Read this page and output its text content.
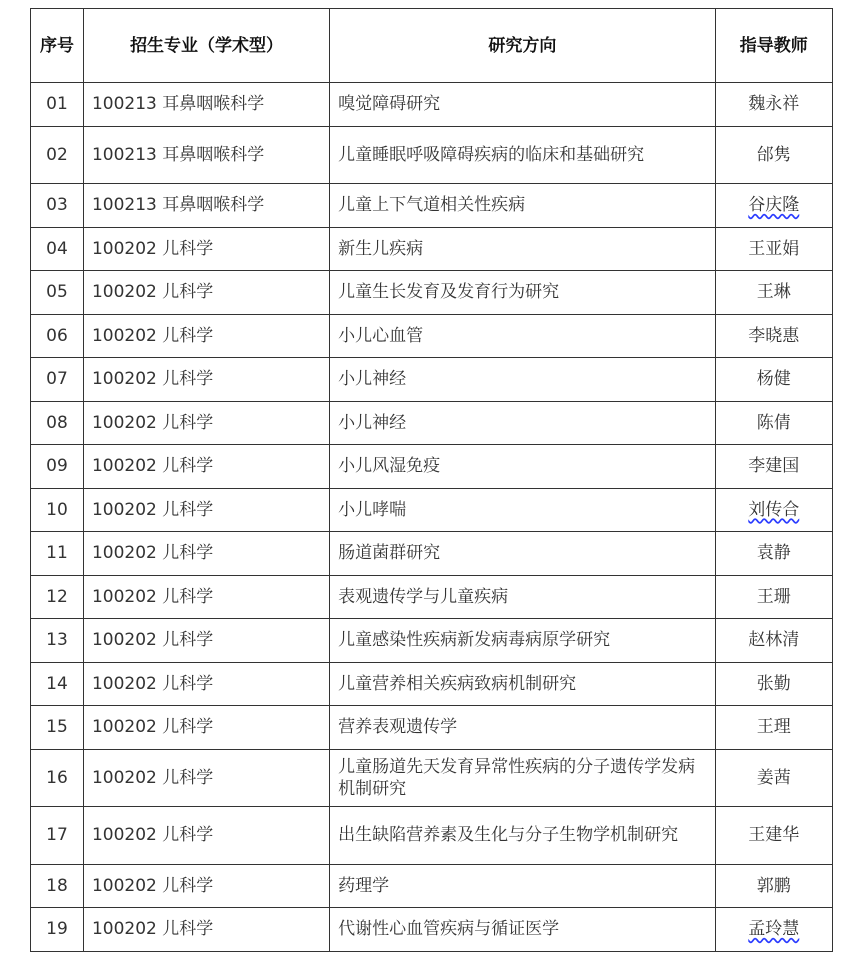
序号	招生专业（学术型）	研究方向	指导教师
01	100213 耳鼻咽喉科学	嗅觉障碍研究	魏永祥
02	100213 耳鼻咽喉科学	儿童睡眠呼吸障碍疾病的临床和基础研究	邰隽
03	100213 耳鼻咽喉科学	儿童上下气道相关性疾病	谷庆隆
04	100202 儿科学	新生儿疾病	王亚娟
05	100202 儿科学	儿童生长发育及发育行为研究	王琳
06	100202 儿科学	小儿心血管	李晓惠
07	100202 儿科学	小儿神经	杨健
08	100202 儿科学	小儿神经	陈倩
09	100202 儿科学	小儿风湿免疫	李建国
10	100202 儿科学	小儿哮喘	刘传合
11	100202 儿科学	肠道菌群研究	袁静
12	100202 儿科学	表观遗传学与儿童疾病	王珊
13	100202 儿科学	儿童感染性疾病新发病毒病原学研究	赵林清
14	100202 儿科学	儿童营养相关疾病致病机制研究	张勤
15	100202 儿科学	营养表观遗传学	王理
16	100202 儿科学	儿童肠道先天发育异常性疾病的分子遗传学发病机制研究	姜茜
17	100202 儿科学	出生缺陷营养素及生化与分子生物学机制研究	王建华
18	100202 儿科学	药理学	郭鹏
19	100202 儿科学	代谢性心血管疾病与循证医学	孟玲慧
